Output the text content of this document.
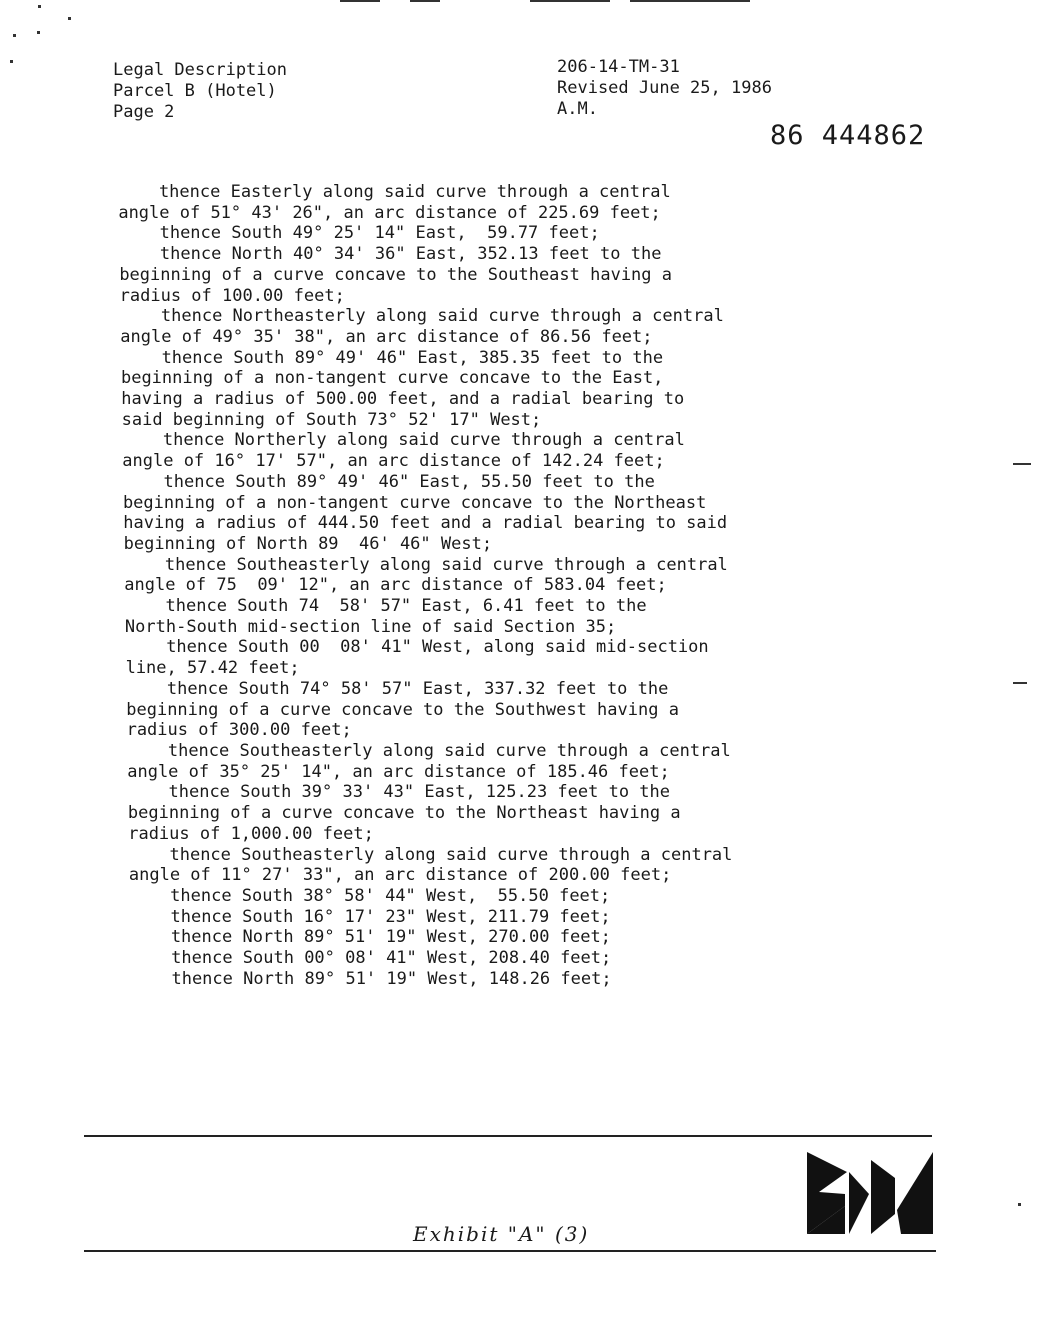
Legal Description
Parcel B (Hotel)
Page 2
206-14-TM-31
Revised June 25, 1986
A.M.
86 444862
thence Easterly along said curve through a central
angle of 51° 43' 26", an arc distance of 225.69 feet;
thence South 49° 25' 14" East,  59.77 feet;
thence North 40° 34' 36" East, 352.13 feet to the
beginning of a curve concave to the Southeast having a
radius of 100.00 feet;
thence Northeasterly along said curve through a central
angle of 49° 35' 38", an arc distance of 86.56 feet;
thence South 89° 49' 46" East, 385.35 feet to the
beginning of a non-tangent curve concave to the East,
having a radius of 500.00 feet, and a radial bearing to
said beginning of South 73° 52' 17" West;
thence Northerly along said curve through a central
angle of 16° 17' 57", an arc distance of 142.24 feet;
thence South 89° 49' 46" East, 55.50 feet to the
beginning of a non-tangent curve concave to the Northeast
having a radius of 444.50 feet and a radial bearing to said
beginning of North 89  46' 46" West;
thence Southeasterly along said curve through a central
angle of 75  09' 12", an arc distance of 583.04 feet;
thence South 74  58' 57" East, 6.41 feet to the
North-South mid-section line of said Section 35;
thence South 00  08' 41" West, along said mid-section
line, 57.42 feet;
thence South 74° 58' 57" East, 337.32 feet to the
beginning of a curve concave to the Southwest having a
radius of 300.00 feet;
thence Southeasterly along said curve through a central
angle of 35° 25' 14", an arc distance of 185.46 feet;
thence South 39° 33' 43" East, 125.23 feet to the
beginning of a curve concave to the Northeast having a
radius of 1,000.00 feet;
thence Southeasterly along said curve through a central
angle of 11° 27' 33", an arc distance of 200.00 feet;
thence South 38° 58' 44" West,  55.50 feet;
thence South 16° 17' 23" West, 211.79 feet;
thence North 89° 51' 19" West, 270.00 feet;
thence South 00° 08' 41" West, 208.40 feet;
thence North 89° 51' 19" West, 148.26 feet;
Exhibit "A" (3)
